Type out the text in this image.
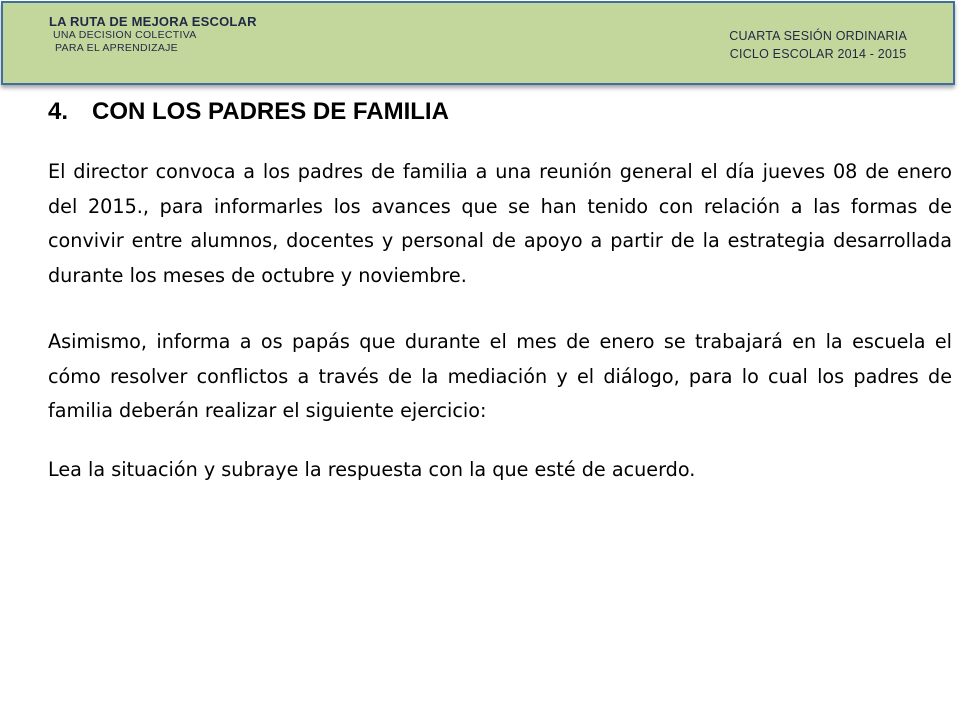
LA RUTA DE MEJORA ESCOLAR
UNA DECISION COLECTIVA
PARA EL APRENDIZAJE
CUARTA SESIÓN ORDINARIA
CICLO ESCOLAR 2014 - 2015
4. CON LOS PADRES DE FAMILIA

El director convoca a los padres de familia a una reunión general el día jueves 08 de enero del 2015., para informarles los avances que se han tenido con relación a las formas de convivir entre alumnos, docentes y personal de apoyo a partir de la estrategia desarrollada durante los meses de octubre y noviembre.

Asimismo, informa a os papás que durante el mes de enero se trabajará en la escuela el cómo resolver conflictos a través de la mediación y el diálogo, para lo cual los padres de familia deberán realizar el siguiente ejercicio:

Lea la situación y subraye la respuesta con la que esté de acuerdo.
